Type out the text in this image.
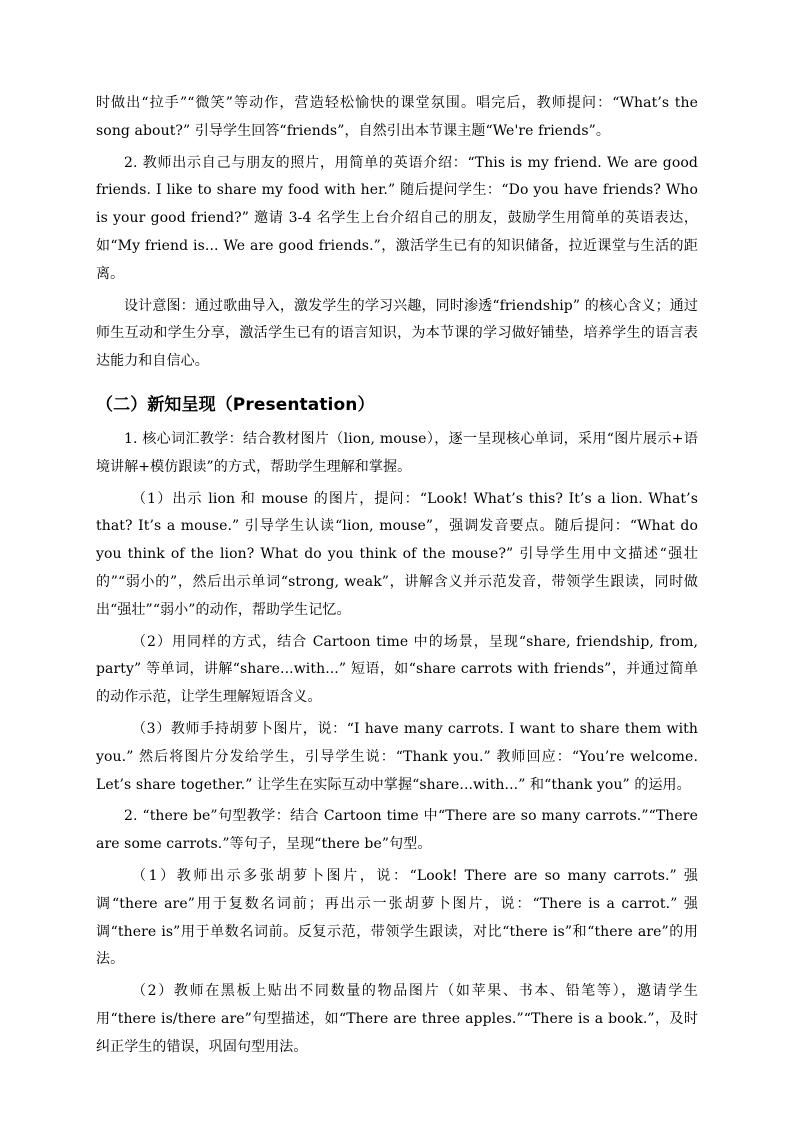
时做出“拉手”“微笑”等动作，营造轻松愉快的课堂氛围。唱完后，教师提问：“What’s the song about?” 引导学生回答“friends”，自然引出本节课主题“We're friends”。

2. 教师出示自己与朋友的照片，用简单的英语介绍：“This is my friend. We are good friends. I like to share my food with her.” 随后提问学生：“Do you have friends? Who is your good friend?” 邀请 3-4 名学生上台介绍自己的朋友，鼓励学生用简单的英语表达，如“My friend is... We are good friends.”，激活学生已有的知识储备，拉近课堂与生活的距离。

设计意图：通过歌曲导入，激发学生的学习兴趣，同时渗透“friendship” 的核心含义；通过师生互动和学生分享，激活学生已有的语言知识，为本节课的学习做好铺垫，培养学生的语言表达能力和自信心。

（二）新知呈现（Presentation）

1. 核心词汇教学：结合教材图片（lion, mouse），逐一呈现核心单词，采用“图片展示+语境讲解+模仿跟读”的方式，帮助学生理解和掌握。

（1）出示 lion 和 mouse 的图片，提问：“Look! What’s this? It’s a lion. What’s that? It’s a mouse.” 引导学生认读“lion, mouse”，强调发音要点。随后提问：“What do you think of the lion? What do you think of the mouse?” 引导学生用中文描述“强壮的”“弱小的”，然后出示单词“strong, weak”，讲解含义并示范发音，带领学生跟读，同时做出“强壮”“弱小”的动作，帮助学生记忆。

（2）用同样的方式，结合 Cartoon time 中的场景，呈现“share, friendship, from, party” 等单词，讲解“share...with...” 短语，如“share carrots with friends”，并通过简单的动作示范，让学生理解短语含义。

（3）教师手持胡萝卜图片，说：“I have many carrots. I want to share them with you.” 然后将图片分发给学生，引导学生说：“Thank you.” 教师回应：“You’re welcome. Let’s share together.” 让学生在实际互动中掌握“share...with...” 和“thank you” 的运用。

2. “there be”句型教学：结合 Cartoon time 中“There are so many carrots.”“There are some carrots.”等句子，呈现“there be”句型。

（1）教师出示多张胡萝卜图片，说：“Look! There are so many carrots.” 强调“there are”用于复数名词前；再出示一张胡萝卜图片，说：“There is a carrot.” 强调“there is”用于单数名词前。反复示范，带领学生跟读，对比“there is”和“there are”的用法。

（2）教师在黑板上贴出不同数量的物品图片（如苹果、书本、铅笔等），邀请学生用“there is/there are”句型描述，如“There are three apples.”“There is a book.”，及时纠正学生的错误，巩固句型用法。
